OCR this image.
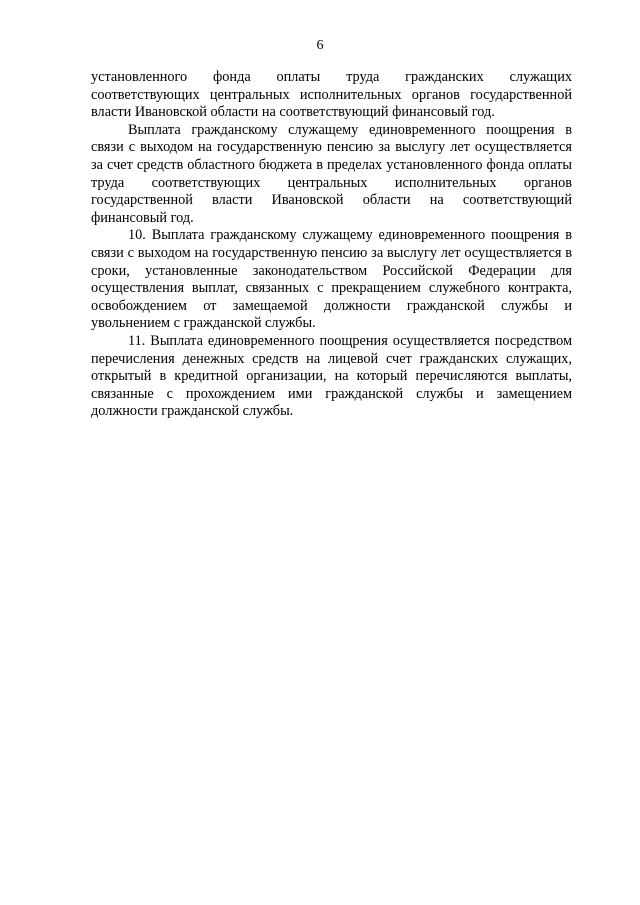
6

установленного фонда оплаты труда гражданских служащих соответствующих центральных исполнительных органов государственной власти Ивановской области на соответствующий финансовый год.

Выплата гражданскому служащему единовременного поощрения в связи с выходом на государственную пенсию за выслугу лет осуществляется за счет средств областного бюджета в пределах установленного фонда оплаты труда соответствующих центральных исполнительных органов государственной власти Ивановской области на соответствующий финансовый год.

10. Выплата гражданскому служащему единовременного поощрения в связи с выходом на государственную пенсию за выслугу лет осуществляется в сроки, установленные законодательством Российской Федерации для осуществления выплат, связанных с прекращением служебного контракта, освобождением от замещаемой должности гражданской службы и увольнением с гражданской службы.

11. Выплата единовременного поощрения осуществляется посредством перечисления денежных средств на лицевой счет гражданских служащих, открытый в кредитной организации, на который перечисляются выплаты, связанные с прохождением ими гражданской службы и замещением должности гражданской службы.
